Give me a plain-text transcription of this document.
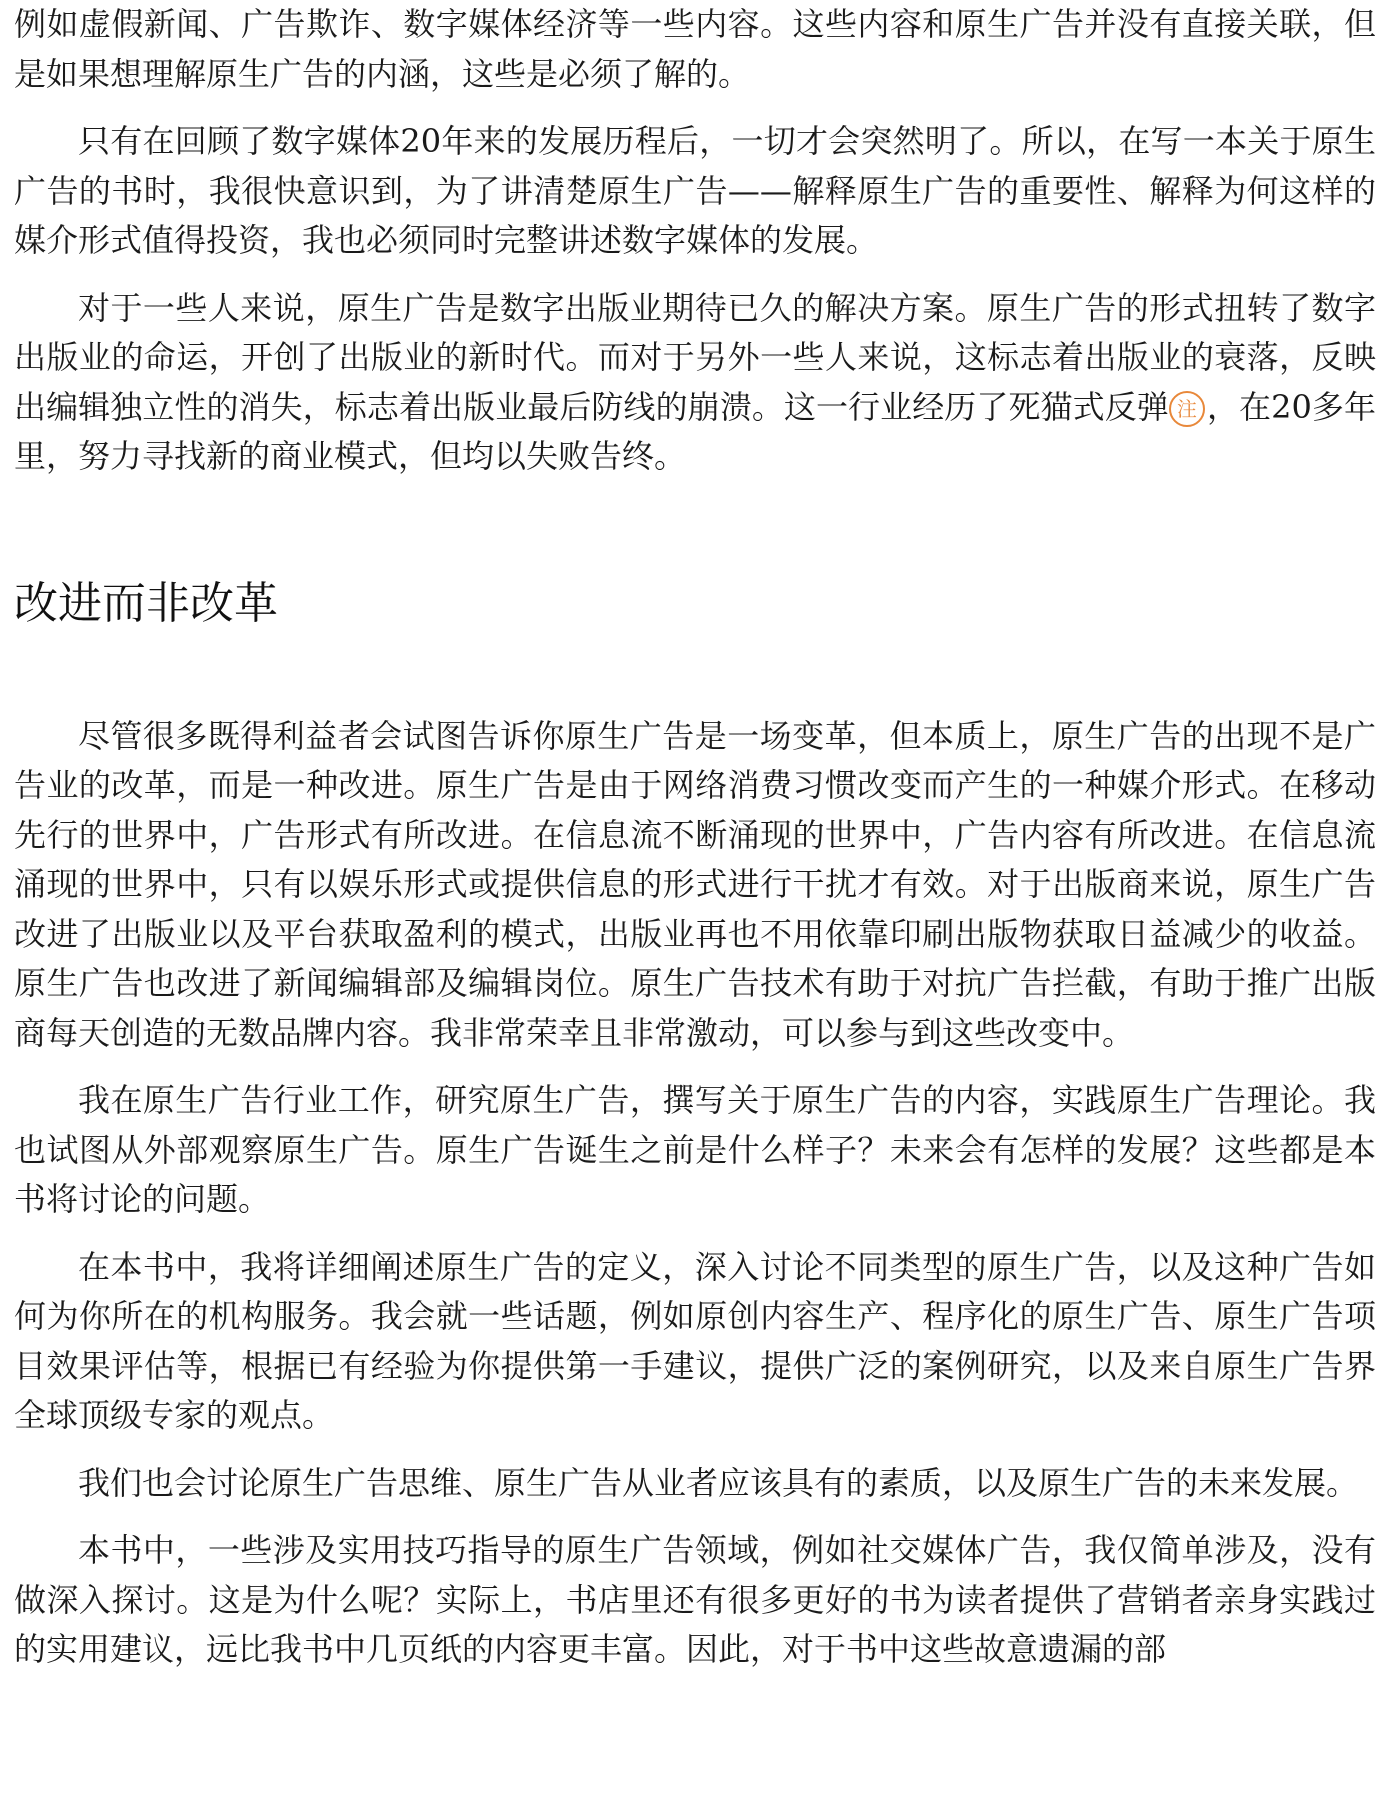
例如虚假新闻、广告欺诈、数字媒体经济等一些内容。这些内容和原生广告并没有直接关联，但是如果想理解原生广告的内涵，这些是必须了解的。

只有在回顾了数字媒体20年来的发展历程后，一切才会突然明了。所以，在写一本关于原生广告的书时，我很快意识到，为了讲清楚原生广告——解释原生广告的重要性、解释为何这样的媒介形式值得投资，我也必须同时完整讲述数字媒体的发展。

对于一些人来说，原生广告是数字出版业期待已久的解决方案。原生广告的形式扭转了数字出版业的命运，开创了出版业的新时代。而对于另外一些人来说，这标志着出版业的衰落，反映出编辑独立性的消失，标志着出版业最后防线的崩溃。这一行业经历了死猫式反弹 注 ，在20多年里，努力寻找新的商业模式，但均以失败告终。

改进而非改革

尽管很多既得利益者会试图告诉你原生广告是一场变革，但本质上，原生广告的出现不是广告业的改革，而是一种改进。原生广告是由于网络消费习惯改变而产生的一种媒介形式。在移动先行的世界中，广告形式有所改进。在信息流不断涌现的世界中，广告内容有所改进。在信息流涌现的世界中，只有以娱乐形式或提供信息的形式进行干扰才有效。对于出版商来说，原生广告改进了出版业以及平台获取盈利的模式，出版业再也不用依靠印刷出版物获取日益减少的收益。原生广告也改进了新闻编辑部及编辑岗位。原生广告技术有助于对抗广告拦截，有助于推广出版商每天创造的无数品牌内容。我非常荣幸且非常激动，可以参与到这些改变中。

我在原生广告行业工作，研究原生广告，撰写关于原生广告的内容，实践原生广告理论。我也试图从外部观察原生广告。原生广告诞生之前是什么样子？未来会有怎样的发展？这些都是本书将讨论的问题。

在本书中，我将详细阐述原生广告的定义，深入讨论不同类型的原生广告，以及这种广告如何为你所在的机构服务。我会就一些话题，例如原创内容生产、程序化的原生广告、原生广告项目效果评估等，根据已有经验为你提供第一手建议，提供广泛的案例研究，以及来自原生广告界全球顶级专家的观点。

我们也会讨论原生广告思维、原生广告从业者应该具有的素质，以及原生广告的未来发展。

本书中，一些涉及实用技巧指导的原生广告领域，例如社交媒体广告，我仅简单涉及，没有做深入探讨。这是为什么呢？实际上，书店里还有很多更好的书为读者提供了营销者亲身实践过的实用建议，远比我书中几页纸的内容更丰富。因此，对于书中这些故意遗漏的部
